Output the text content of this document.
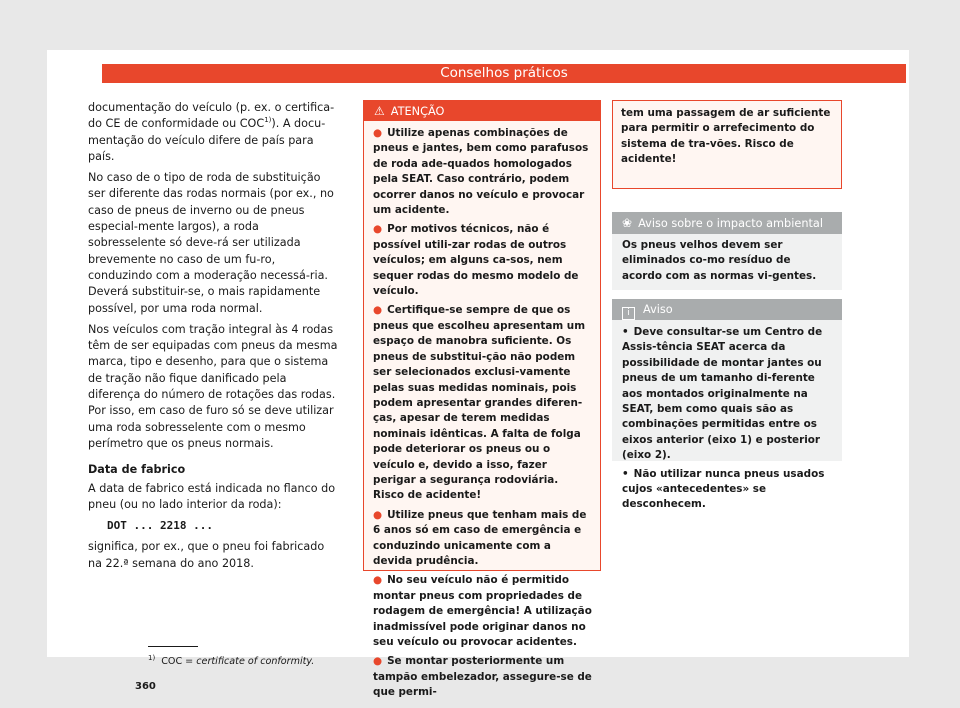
Conselhos práticos

documentação do veículo (p. ex. o certifica-do CE de conformidade ou COC$^{1)}$). A docu-mentação do veículo difere de país para país.

No caso de o tipo de roda de substituição ser diferente das rodas normais (por ex., no caso de pneus de inverno ou de pneus especial-mente largos), a roda sobresselente só deve-rá ser utilizada brevemente no caso de um fu-ro, conduzindo com a moderação necessá-ria. Deverá substituir-se, o mais rapidamente possível, por uma roda normal.

Nos veículos com tração integral às 4 rodas têm de ser equipadas com pneus da mesma marca, tipo e desenho, para que o sistema de tração não fique danificado pela diferença do número de rotações das rodas. Por isso, em caso de furo só se deve utilizar uma roda sobresselente com o mesmo perímetro que os pneus normais.

Data de fabrico

A data de fabrico está indicada no flanco do pneu (ou no lado interior da roda):

DOT ... 2218 ...

significa, por ex., que o pneu foi fabricado na 22.ª semana do ano 2018.

⚠ ATENÇÃO
● Utilize apenas combinações de pneus e jantes, bem como parafusos de roda ade-quados homologados pela SEAT. Caso contrário, podem ocorrer danos no veículo e provocar um acidente.
● Por motivos técnicos, não é possível utili-zar rodas de outros veículos; em alguns ca-sos, nem sequer rodas do mesmo modelo de veículo.
● Certifique-se sempre de que os pneus que escolheu apresentam um espaço de manobra suficiente. Os pneus de substitui-ção não podem ser selecionados exclusi-vamente pelas suas medidas nominais, pois podem apresentar grandes diferen-ças, apesar de terem medidas nominais idênticas. A falta de folga pode deteriorar os pneus ou o veículo e, devido a isso, fazer perigar a segurança rodoviária. Risco de acidente!
● Utilize pneus que tenham mais de 6 anos só em caso de emergência e conduzindo unicamente com a devida prudência.
● No seu veículo não é permitido montar pneus com propriedades de rodagem de emergência! A utilização inadmissível pode originar danos no seu veículo ou provocar acidentes.
● Se montar posteriormente um tampão embelezador, assegure-se de que permi-
tem uma passagem de ar suficiente para permitir o arrefecimento do sistema de tra-vões. Risco de acidente!
❀ Aviso sobre o impacto ambiental
Os pneus velhos devem ser eliminados co-mo resíduo de acordo com as normas vi-gentes.
i Aviso
• Deve consultar-se um Centro de Assis-tência SEAT acerca da possibilidade de montar jantes ou pneus de um tamanho di-ferente aos montados originalmente na SEAT, bem como quais são as combinações permitidas entre os eixos anterior (eixo 1) e posterior (eixo 2).
• Não utilizar nunca pneus usados cujos «antecedentes» se desconhecem.
$^{1)}$ COC = certificate of conformity.
360
